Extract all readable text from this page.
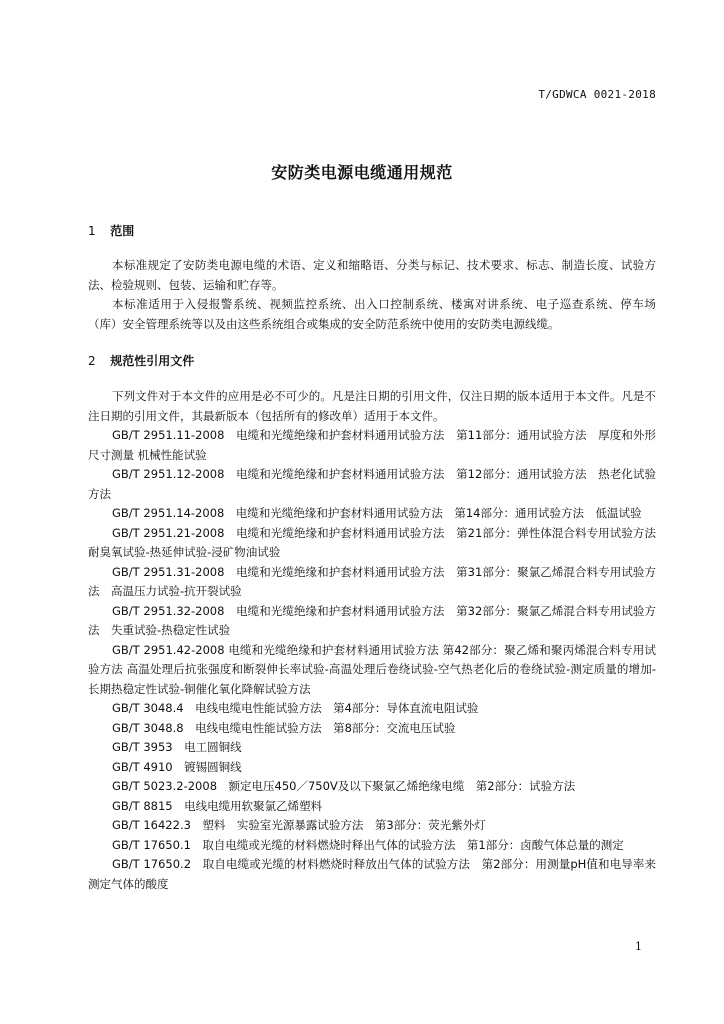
T/GDWCA 0021-2018
安防类电源电缆通用规范
1 范围

本标准规定了安防类电源电缆的术语、定义和缩略语、分类与标记、技术要求、标志、制造长度、试验方法、检验规则、包装、运输和贮存等。

本标准适用于入侵报警系统、视频监控系统、出入口控制系统、楼寓对讲系统、电子巡查系统、停车场（库）安全管理系统等以及由这些系统组合或集成的安全防范系统中使用的安防类电源线缆。

2 规范性引用文件

下列文件对于本文件的应用是必不可少的。凡是注日期的引用文件，仅注日期的版本适用于本文件。凡是不注日期的引用文件，其最新版本（包括所有的修改单）适用于本文件。

GB/T 2951.11-2008　电缆和光缆绝缘和护套材料通用试验方法　第11部分：通用试验方法　厚度和外形尺寸测量 机械性能试验

GB/T 2951.12-2008　电缆和光缆绝缘和护套材料通用试验方法　第12部分：通用试验方法　热老化试验方法

GB/T 2951.14-2008　电缆和光缆绝缘和护套材料通用试验方法　第14部分：通用试验方法　低温试验

GB/T 2951.21-2008　电缆和光缆绝缘和护套材料通用试验方法　第21部分：弹性体混合料专用试验方法　耐臭氧试验-热延伸试验-浸矿物油试验

GB/T 2951.31-2008　电缆和光缆绝缘和护套材料通用试验方法　第31部分：聚氯乙烯混合料专用试验方法　高温压力试验-抗开裂试验

GB/T 2951.32-2008　电缆和光缆绝缘和护套材料通用试验方法　第32部分：聚氯乙烯混合料专用试验方法　失重试验-热稳定性试验

GB/T 2951.42-2008 电缆和光缆绝缘和护套材料通用试验方法 第42部分：聚乙烯和聚丙烯混合料专用试验方法 高温处理后抗张强度和断裂伸长率试验-高温处理后卷绕试验-空气热老化后的卷绕试验-测定质量的增加-长期热稳定性试验-铜催化氧化降解试验方法

GB/T 3048.4　电线电缆电性能试验方法　第4部分：导体直流电阻试验

GB/T 3048.8　电线电缆电性能试验方法　第8部分：交流电压试验

GB/T 3953　电工圆铜线

GB/T 4910　镀锡圆铜线

GB/T 5023.2-2008　额定电压450／750V及以下聚氯乙烯绝缘电缆　第2部分：试验方法

GB/T 8815　电线电缆用软聚氯乙烯塑料

GB/T 16422.3　塑料　实验室光源暴露试验方法　第3部分：荧光紫外灯

GB/T 17650.1　取自电缆或光缆的材料燃烧时释出气体的试验方法　第1部分：卤酸气体总量的测定

GB/T 17650.2　取自电缆或光缆的材料燃烧时释放出气体的试验方法　第2部分：用测量pH值和电导率来测定气体的酸度

1
